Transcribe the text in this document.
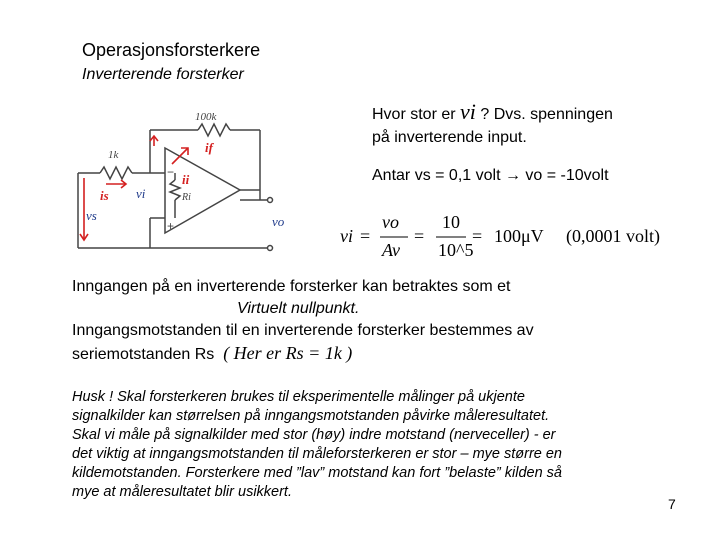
Operasjonsforsterkere
Inverterende forsterker
100k
1k	if
is
ii
Ri
vi
vs	vo
−
+
Hvor stor er vi ? Dvs. spenningen
på inverterende input.
Antar vs = 0,1 volt → vo = -10volt
vi =
vo
Av
=
10
10^5
= 100μV (0,0001 volt)
Inngangen på en inverterende forsterker kan betraktes som et
Virtuelt nullpunkt.
Inngangsmotstanden til en inverterende forsterker bestemmes av
seriemotstanden Rs ( Her er Rs = 1k )
Husk ! Skal forsterkeren brukes til eksperimentelle målinger på ukjente
signalkilder kan størrelsen på inngangsmotstanden påvirke måleresultatet.
Skal vi måle på signalkilder med stor (høy) indre motstand (nerveceller) - er
det viktig at inngangsmotstanden til måleforsterkeren er stor – mye større en
kildemotstanden. Forsterkere med ”lav” motstand kan fort ”belaste” kilden så
mye at måleresultatet blir usikkert.
7
